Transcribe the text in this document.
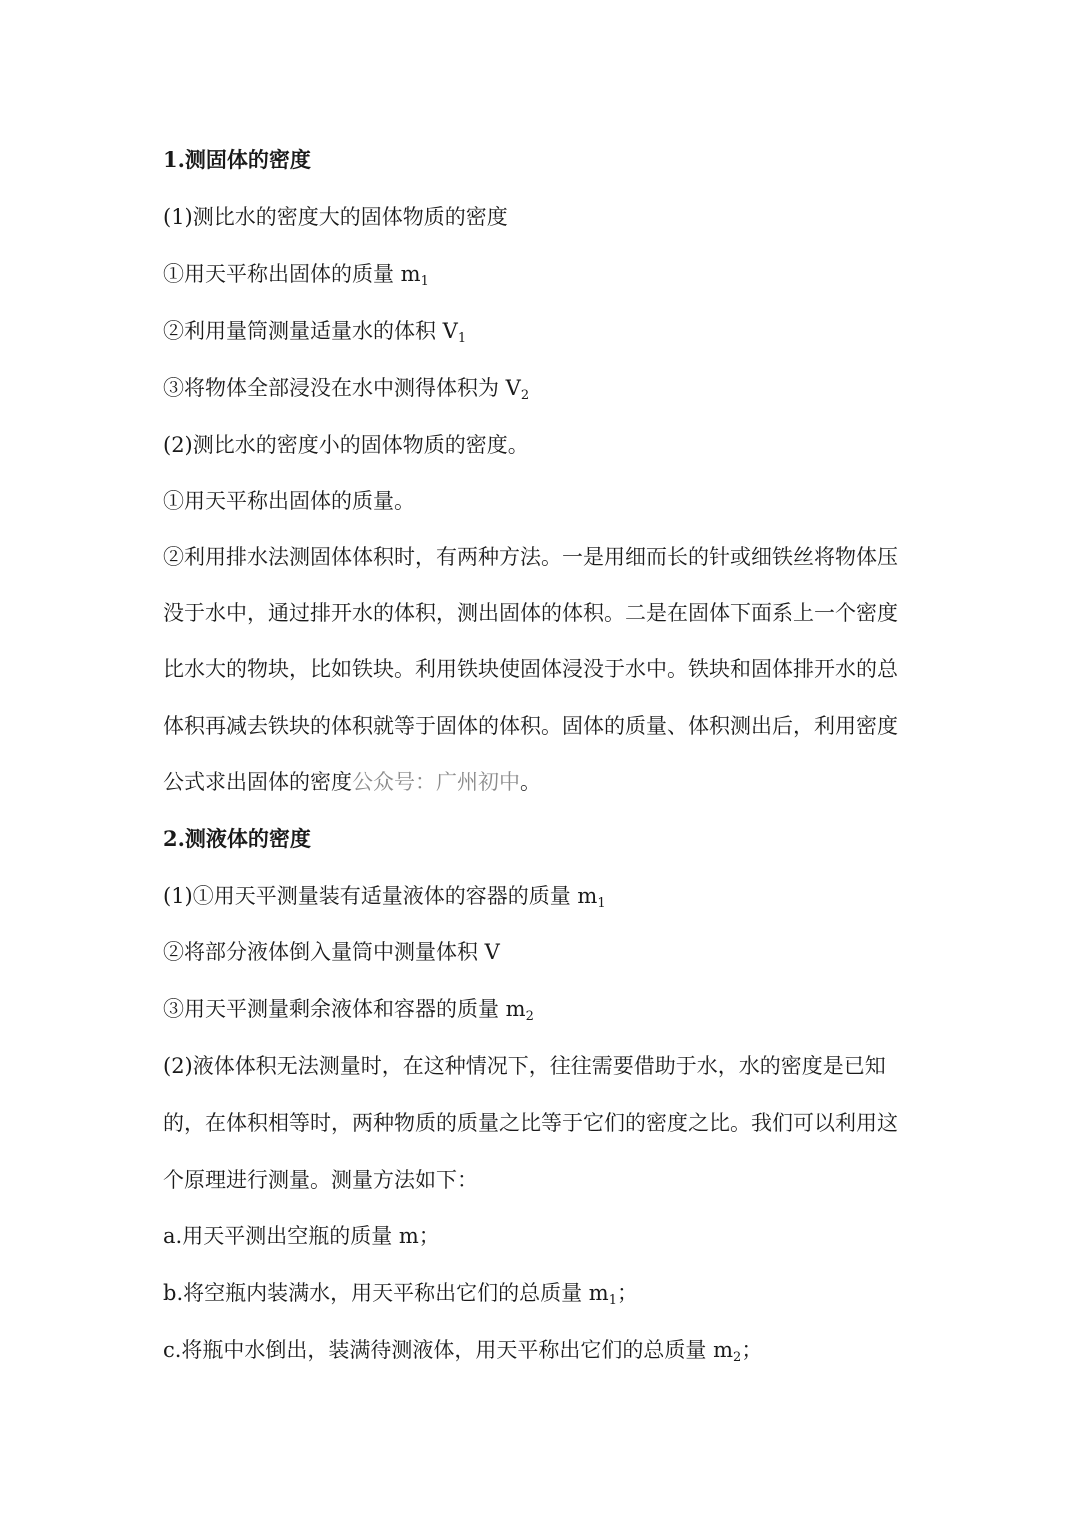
1.测固体的密度
(1)测比水的密度大的固体物质的密度
①用天平称出固体的质量 $m_1$
②利用量筒测量适量水的体积 $V_1$
③将物体全部浸没在水中测得体积为 $V_2$
(2)测比水的密度小的固体物质的密度。
①用天平称出固体的质量。
②利用排水法测固体体积时，有两种方法。一是用细而长的针或细铁丝将物体压
没于水中，通过排开水的体积，测出固体的体积。二是在固体下面系上一个密度
比水大的物块，比如铁块。利用铁块使固体浸没于水中。铁块和固体排开水的总
体积再减去铁块的体积就等于固体的体积。固体的质量、体积测出后，利用密度
公式求出固体的密度公众号：广州初中。
2.测液体的密度
(1)①用天平测量装有适量液体的容器的质量 $m_1$
②将部分液体倒入量筒中测量体积 V
③用天平测量剩余液体和容器的质量 $m_2$
(2)液体体积无法测量时，在这种情况下，往往需要借助于水，水的密度是已知
的，在体积相等时，两种物质的质量之比等于它们的密度之比。我们可以利用这
个原理进行测量。测量方法如下：
a.用天平测出空瓶的质量 m；
b.将空瓶内装满水，用天平称出它们的总质量 $m_1$；
c.将瓶中水倒出，装满待测液体，用天平称出它们的总质量 $m_2$；
